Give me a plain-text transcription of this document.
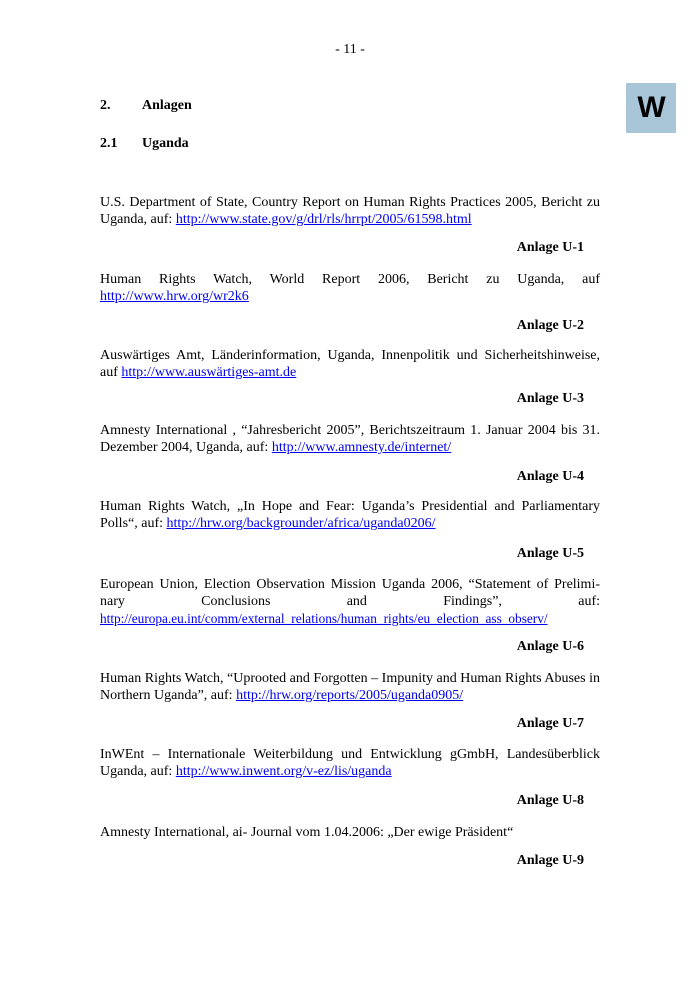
- 11 -
W
2. Anlagen
2.1 Uganda
U.S. Department of State, Country Report on Human Rights Practices 2005, Bericht zu Uganda, auf: http://www.state.gov/g/drl/rls/hrrpt/2005/61598.html
Anlage U-1
Human Rights Watch, World Report 2006, Bericht zu Uganda, auf
http://www.hrw.org/wr2k6
Anlage U-2
Auswärtiges Amt, Länderinformation, Uganda, Innenpolitik und Sicherheitshinweise, auf http://www.auswärtiges-amt.de
Anlage U-3
Amnesty International , “Jahresbericht 2005”, Berichtszeitraum 1. Januar 2004 bis 31. Dezember 2004, Uganda, auf: http://www.amnesty.de/internet/
Anlage U-4
Human Rights Watch, „In Hope and Fear: Uganda’s Presidential and Parliamentary Polls“, auf: http://hrw.org/backgrounder/africa/uganda0206/
Anlage U-5
European Union, Election Observation Mission Uganda 2006, “Statement of Prelimi-nary Conclusions and Findings”, auf: http://europa.eu.int/comm/external_relations/human_rights/eu_election_ass_observ/
Anlage U-6
Human Rights Watch, “Uprooted and Forgotten – Impunity and Human Rights Abuses in Northern Uganda”, auf: http://hrw.org/reports/2005/uganda0905/
Anlage U-7
InWEnt – Internationale Weiterbildung und Entwicklung gGmbH, Landesüberblick Uganda, auf: http://www.inwent.org/v-ez/lis/uganda
Anlage U-8
Amnesty International, ai- Journal vom 1.04.2006: „Der ewige Präsident“
Anlage U-9
